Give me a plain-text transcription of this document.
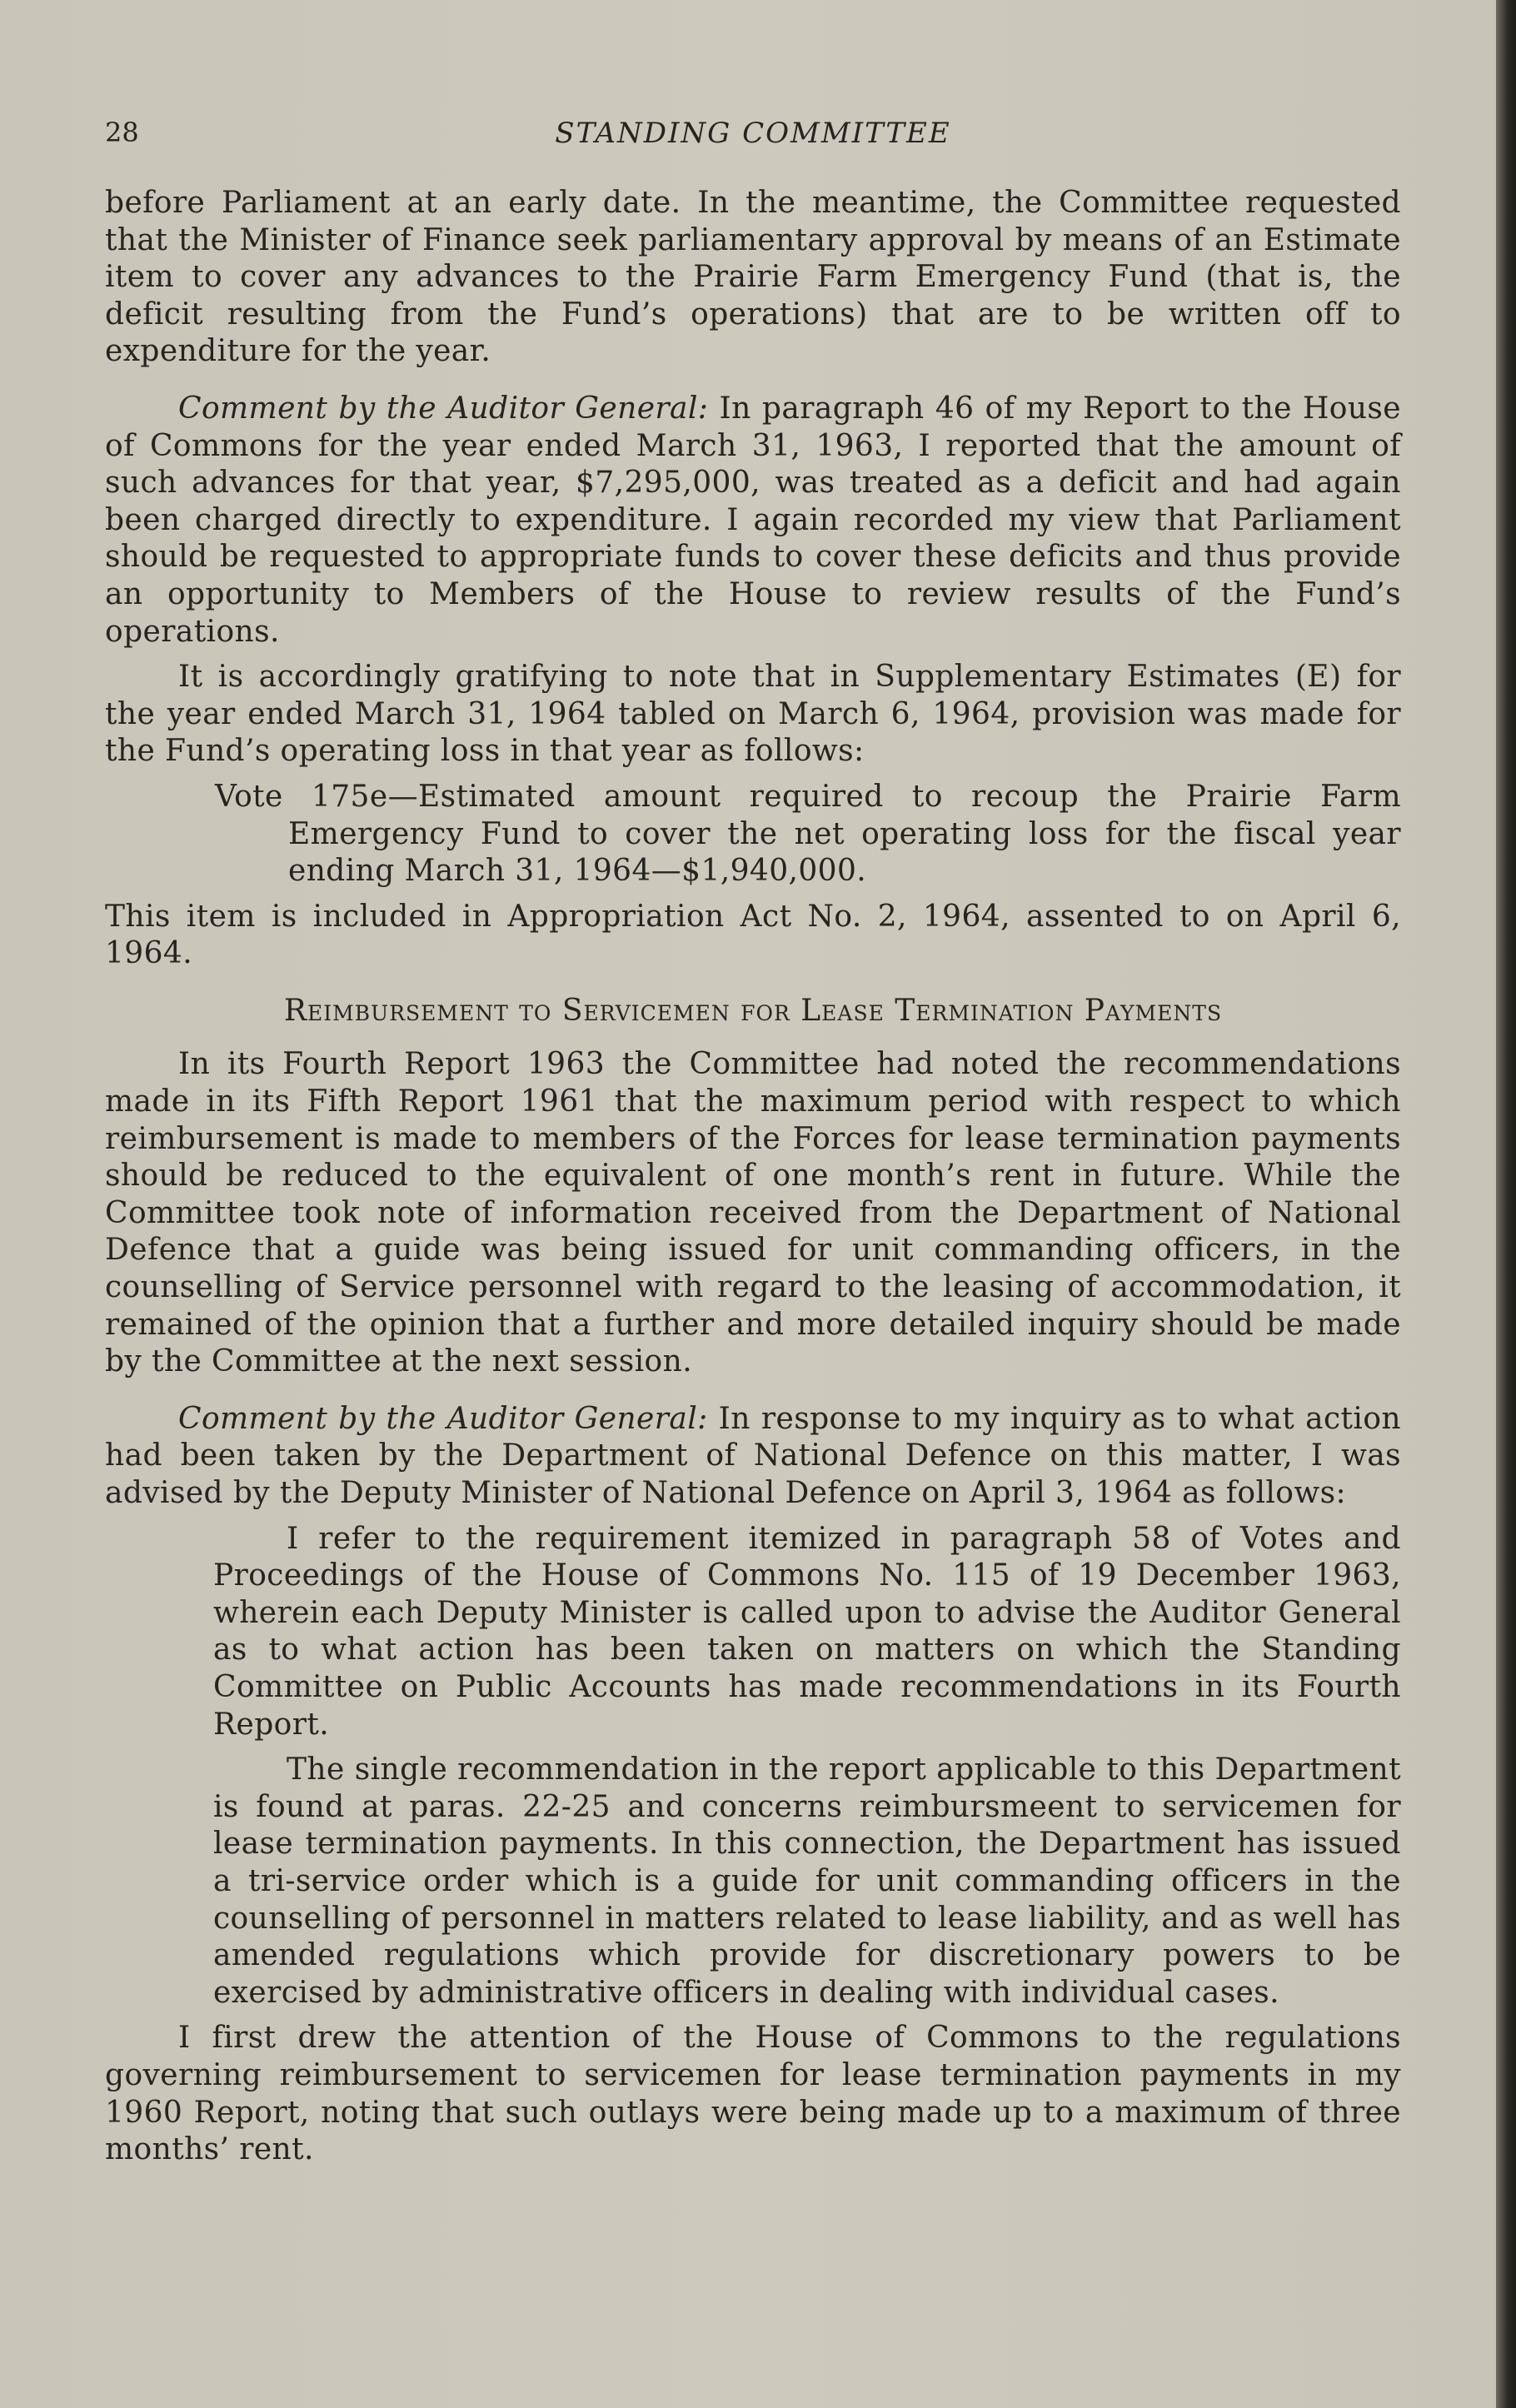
28	STANDING COMMITTEE

before Parliament at an early date. In the meantime, the Committee requested that the Minister of Finance seek parliamentary approval by means of an Estimate item to cover any advances to the Prairie Farm Emergency Fund (that is, the deficit resulting from the Fund’s operations) that are to be written off to expenditure for the year.

Comment by the Auditor General: In paragraph 46 of my Report to the House of Commons for the year ended March 31, 1963, I reported that the amount of such advances for that year, $7,295,000, was treated as a deficit and had again been charged directly to expenditure. I again recorded my view that Parliament should be requested to appropriate funds to cover these deficits and thus provide an opportunity to Members of the House to review results of the Fund’s operations.

It is accordingly gratifying to note that in Supplementary Estimates (E) for the year ended March 31, 1964 tabled on March 6, 1964, provision was made for the Fund’s operating loss in that year as follows:

Vote 175e—Estimated amount required to recoup the Prairie Farm Emergency Fund to cover the net operating loss for the fiscal year ending March 31, 1964—$1,940,000.

This item is included in Appropriation Act No. 2, 1964, assented to on April 6, 1964.

Reimbursement to Servicemen for Lease Termination Payments

In its Fourth Report 1963 the Committee had noted the recommendations made in its Fifth Report 1961 that the maximum period with respect to which reimbursement is made to members of the Forces for lease termination payments should be reduced to the equivalent of one month’s rent in future. While the Committee took note of information received from the Department of National Defence that a guide was being issued for unit commanding officers, in the counselling of Service personnel with regard to the leasing of accommodation, it remained of the opinion that a further and more detailed inquiry should be made by the Committee at the next session.

Comment by the Auditor General: In response to my inquiry as to what action had been taken by the Department of National Defence on this matter, I was advised by the Deputy Minister of National Defence on April 3, 1964 as follows:

I refer to the requirement itemized in paragraph 58 of Votes and Proceedings of the House of Commons No. 115 of 19 December 1963, wherein each Deputy Minister is called upon to advise the Auditor General as to what action has been taken on matters on which the Standing Committee on Public Accounts has made recommendations in its Fourth Report.

The single recommendation in the report applicable to this Department is found at paras. 22-25 and concerns reimbursmeent to servicemen for lease termination payments. In this connection, the Department has issued a tri-service order which is a guide for unit commanding officers in the counselling of personnel in matters related to lease liability, and as well has amended regulations which provide for discretionary powers to be exercised by administrative officers in dealing with individual cases.

I first drew the attention of the House of Commons to the regulations governing reimbursement to servicemen for lease termination payments in my 1960 Report, noting that such outlays were being made up to a maximum of three months’ rent.
